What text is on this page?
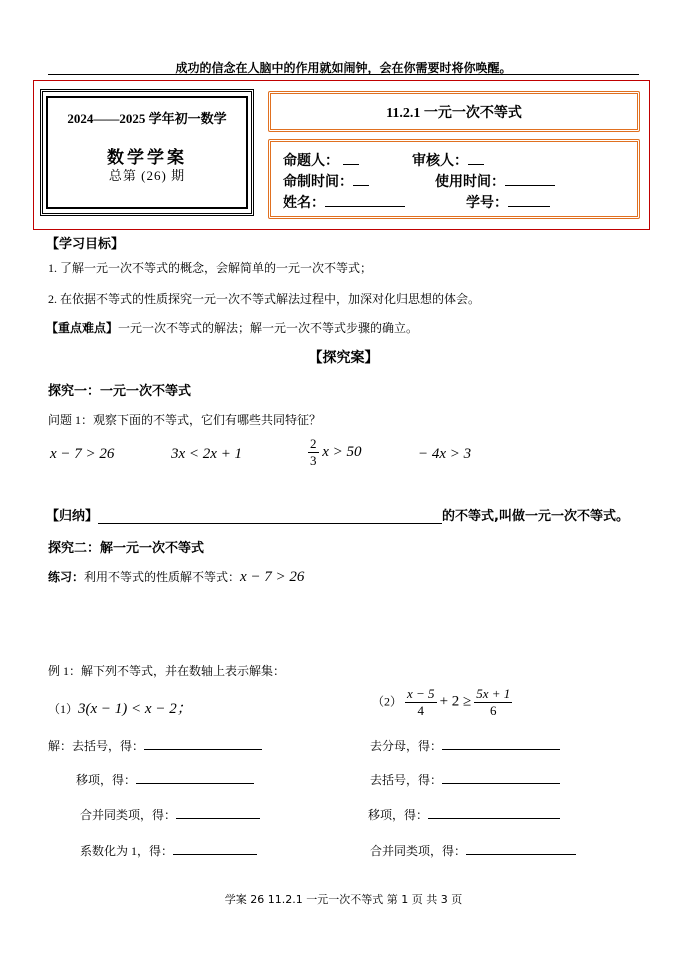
成功的信念在人脑中的作用就如闹钟，会在你需要时将你唤醒。
2024——2025 学年初一数学
数学学案
总第 (26) 期
11.2.1 一元一次不等式
命题人：	审核人：
命制时间：	使用时间：
姓名：	学号：
【学习目标】
1. 了解一元一次不等式的概念，会解简单的一元一次不等式；
2. 在依据不等式的性质探究一元一次不等式解法过程中，加深对化归思想的体会。
【重点难点】一元一次不等式的解法；解一元一次不等式步骤的确立。
【探究案】
探究一：一元一次不等式
问题 1：观察下面的不等式，它们有哪些共同特征？
x − 7 > 26	3x < 2x + 1	$\frac{2}{3}$ x > 50	− 4x > 3
【归纳】	的不等式,叫做一元一次不等式。
探究二：解一元一次不等式
练习：利用不等式的性质解不等式：x − 7 > 26
例 1：解下列不等式，并在数轴上表示解集：
（1）3(x − 1) < x − 2；	$(2) \frac{x - 5}{4} + 2 \ge \frac{5x + 1}{6}$
解：去括号，得：
移项，得：
合并同类项，得：
系数化为 1，得：
去分母，得：
去括号，得：
移项，得：
合并同类项，得：
学案 26 11.2.1 一元一次不等式 第 1 页 共 3 页
